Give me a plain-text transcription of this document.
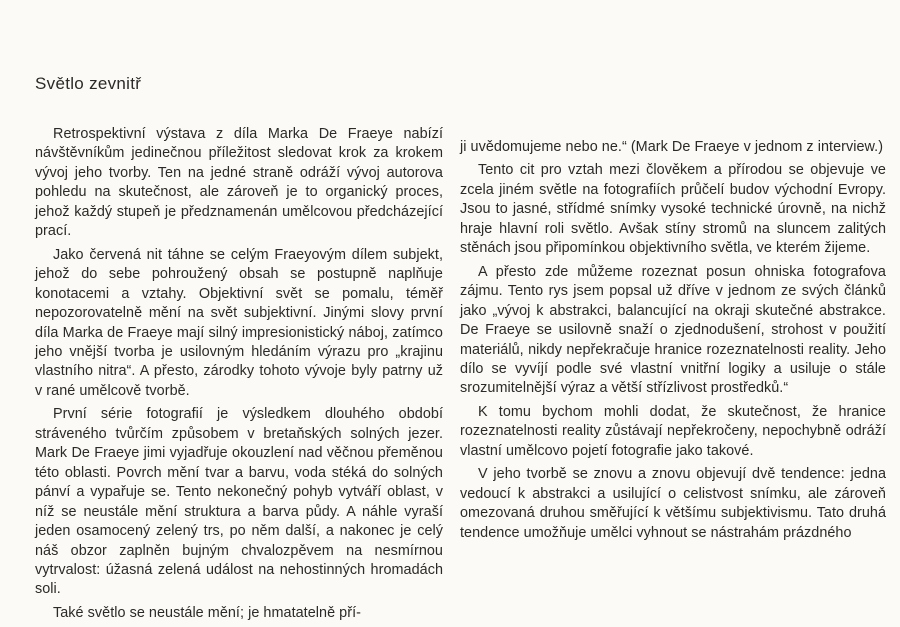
Světlo zevnitř

Retrospektivní výstava z díla Marka De Fraeye nabízí návštěvníkům jedinečnou příležitost sledovat krok za krokem vývoj jeho tvorby. Ten na jedné straně odráží vývoj autorova pohledu na skutečnost, ale zároveň je to organický proces, jehož každý stupeň je předznamenán umělcovou předcházející prací.

Jako červená nit táhne se celým Fraeyovým dílem subjekt, jehož do sebe pohroužený obsah se postupně naplňuje konotacemi a vztahy. Objektivní svět se pomalu, téměř nepozorovatelně mění na svět subjektivní. Jinými slovy první díla Marka de Fraeye mají silný impresionistický náboj, zatímco jeho vnější tvorba je usilovným hledáním výrazu pro „krajinu vlastního nitra“. A přesto, zárodky tohoto vývoje byly patrny už v rané umělcově tvorbě.

První série fotografií je výsledkem dlouhého období stráveného tvůrčím způsobem v bretaňských solných jezer. Mark De Fraeye jimi vyjadřuje okouzlení nad věčnou přeměnou této oblasti. Povrch mění tvar a barvu, voda stéká do solných pánví a vypařuje se. Tento nekonečný pohyb vytváří oblast, v níž se neustále mění struktura a barva půdy. A náhle vyraší jeden osamocený zelený trs, po něm další, a nakonec je celý náš obzor zaplněn bujným chvalozpěvem na nesmírnou vytrvalost: úžasná zelená událost na nehostinných hromadách soli.

Také světlo se neustále mění; je hmatatelně pří-

ji uvědomujeme nebo ne.“ (Mark De Fraeye v jednom z interview.)

Tento cit pro vztah mezi člověkem a přírodou se objevuje ve zcela jiném světle na fotografiích průčelí budov východní Evropy. Jsou to jasné, střídmé snímky vysoké technické úrovně, na nichž hraje hlavní roli světlo. Avšak stíny stromů na sluncem zalitých stěnách jsou připomínkou objektivního světla, ve kterém žijeme.

A přesto zde můžeme rozeznat posun ohniska fotografova zájmu. Tento rys jsem popsal už dříve v jednom ze svých článků jako „vývoj k abstrakci, balancující na okraji skutečné abstrakce. De Fraeye se usilovně snaží o zjednodušení, strohost v použití materiálů, nikdy nepřekračuje hranice rozeznatelnosti reality. Jeho dílo se vyvíjí podle své vlastní vnitřní logiky a usiluje o stále srozumitelnější výraz a větší střízlivost prostředků.“

K tomu bychom mohli dodat, že skutečnost, že hranice rozeznatelnosti reality zůstávají nepřekročeny, nepochybně odráží vlastní umělcovo pojetí fotografie jako takové.

V jeho tvorbě se znovu a znovu objevují dvě tendence: jedna vedoucí k abstrakci a usilující o celistvost snímku, ale zároveň omezovaná druhou směřující k většímu subjektivismu. Tato druhá tendence umožňuje umělci vyhnout se nástrahám prázdného
